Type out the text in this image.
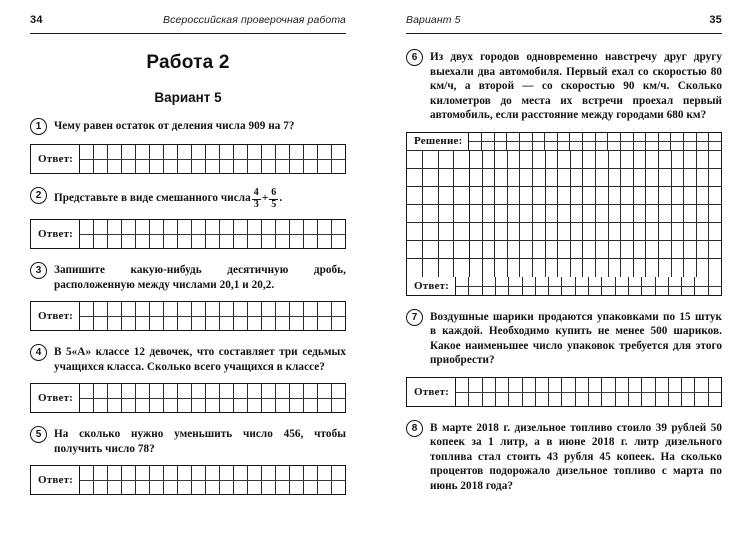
34	Всероссийская проверочная работа
Работа 2
Вариант 5
1	Чему равен остаток от деления числа 909 на 7?
Ответ:
2	Представьте в виде смешанного числа $\frac{4}{3} + \frac{6}{5}$ .
Ответ:
3	Запишите какую-нибудь десятичную дробь, расположенную между числами 20,1 и 20,2.
Ответ:
4	В 5«А» классе 12 девочек, что составляет три седьмых учащихся класса. Сколько всего учащихся в классе?
Ответ:
5	На сколько нужно уменьшить число 456, чтобы получить число 78?
Ответ:
Вариант 5	35
6	Из двух городов одновременно навстречу друг другу выехали два автомобиля. Первый ехал со скоростью 80 км/ч, а второй — со скоростью 90 км/ч. Сколько километров до места их встречи проехал первый автомобиль, если расстояние между городами 680 км?
Решение:
Ответ:
7	Воздушные шарики продаются упаковками по 15 штук в каждой. Необходимо купить не менее 500 шариков. Какое наименьшее число упаковок требуется для этого приобрести?
Ответ:
8	В марте 2018 г. дизельное топливо стоило 39 рублей 50 копеек за 1 литр, а в июне 2018 г. литр дизельного топлива стал стоить 43 рубля 45 копеек. На сколько процентов подорожало дизельное топливо с марта по июнь 2018 года?
